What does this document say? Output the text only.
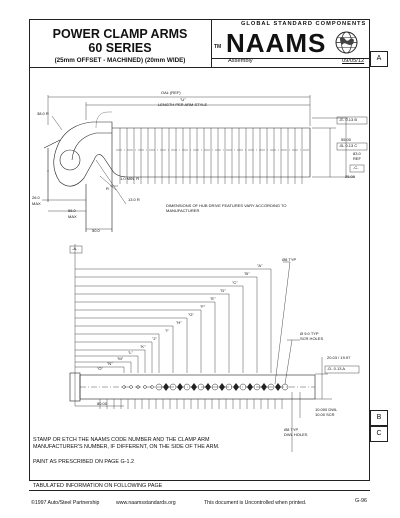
POWER CLAMP ARMS
60 SERIES
(25mm OFFSET - MACHINED) (20mm WIDE)
GLOBAL STANDARD COMPONENTS
TM NAAMS
Assembly	09/05/12	A
B
C
OAL (REF)
"U"
LENGTH PER ARM STYLE
38.0 R
-E- 0.13 B
55.00
-B- 0.13 C
83.0
REF
-C-
25.00
1.0 MIN. R
R
13.0 R
DIMENSIONS OF HUB DRIVE FEATURES VARY ACCORDING TO MANUFACTURER
26.0
MAX
56.0
MAX
50.0
-A-
"A"
"B"
"C"
"D"
"E"
"F"
"G"
"H"
"I"
"J"
"K"
"L"
"M"
"N"
"O"
Ø8 TYP
Ø 9.0 TYP
SCR HOLES
20.03 / 19.97
-D- 0.13 A
80.00
10.000 DWL
10.00 SCR
DWL HOLES
Ø8 TYP
STAMP OR ETCH THE NAAMS CODE NUMBER AND THE CLAMP ARM
MANUFACTURER'S NUMBER, IF DIFFERENT, ON THE SIDE OF THE ARM.
PAINT AS PRESCRIBED ON PAGE G-1.2
TABULATED INFORMATION ON FOLLOWING PAGE
©1997 Auto/Steel Partnership	www.naamsstandards.org	This document is Uncontrolled when printed.	G-96
